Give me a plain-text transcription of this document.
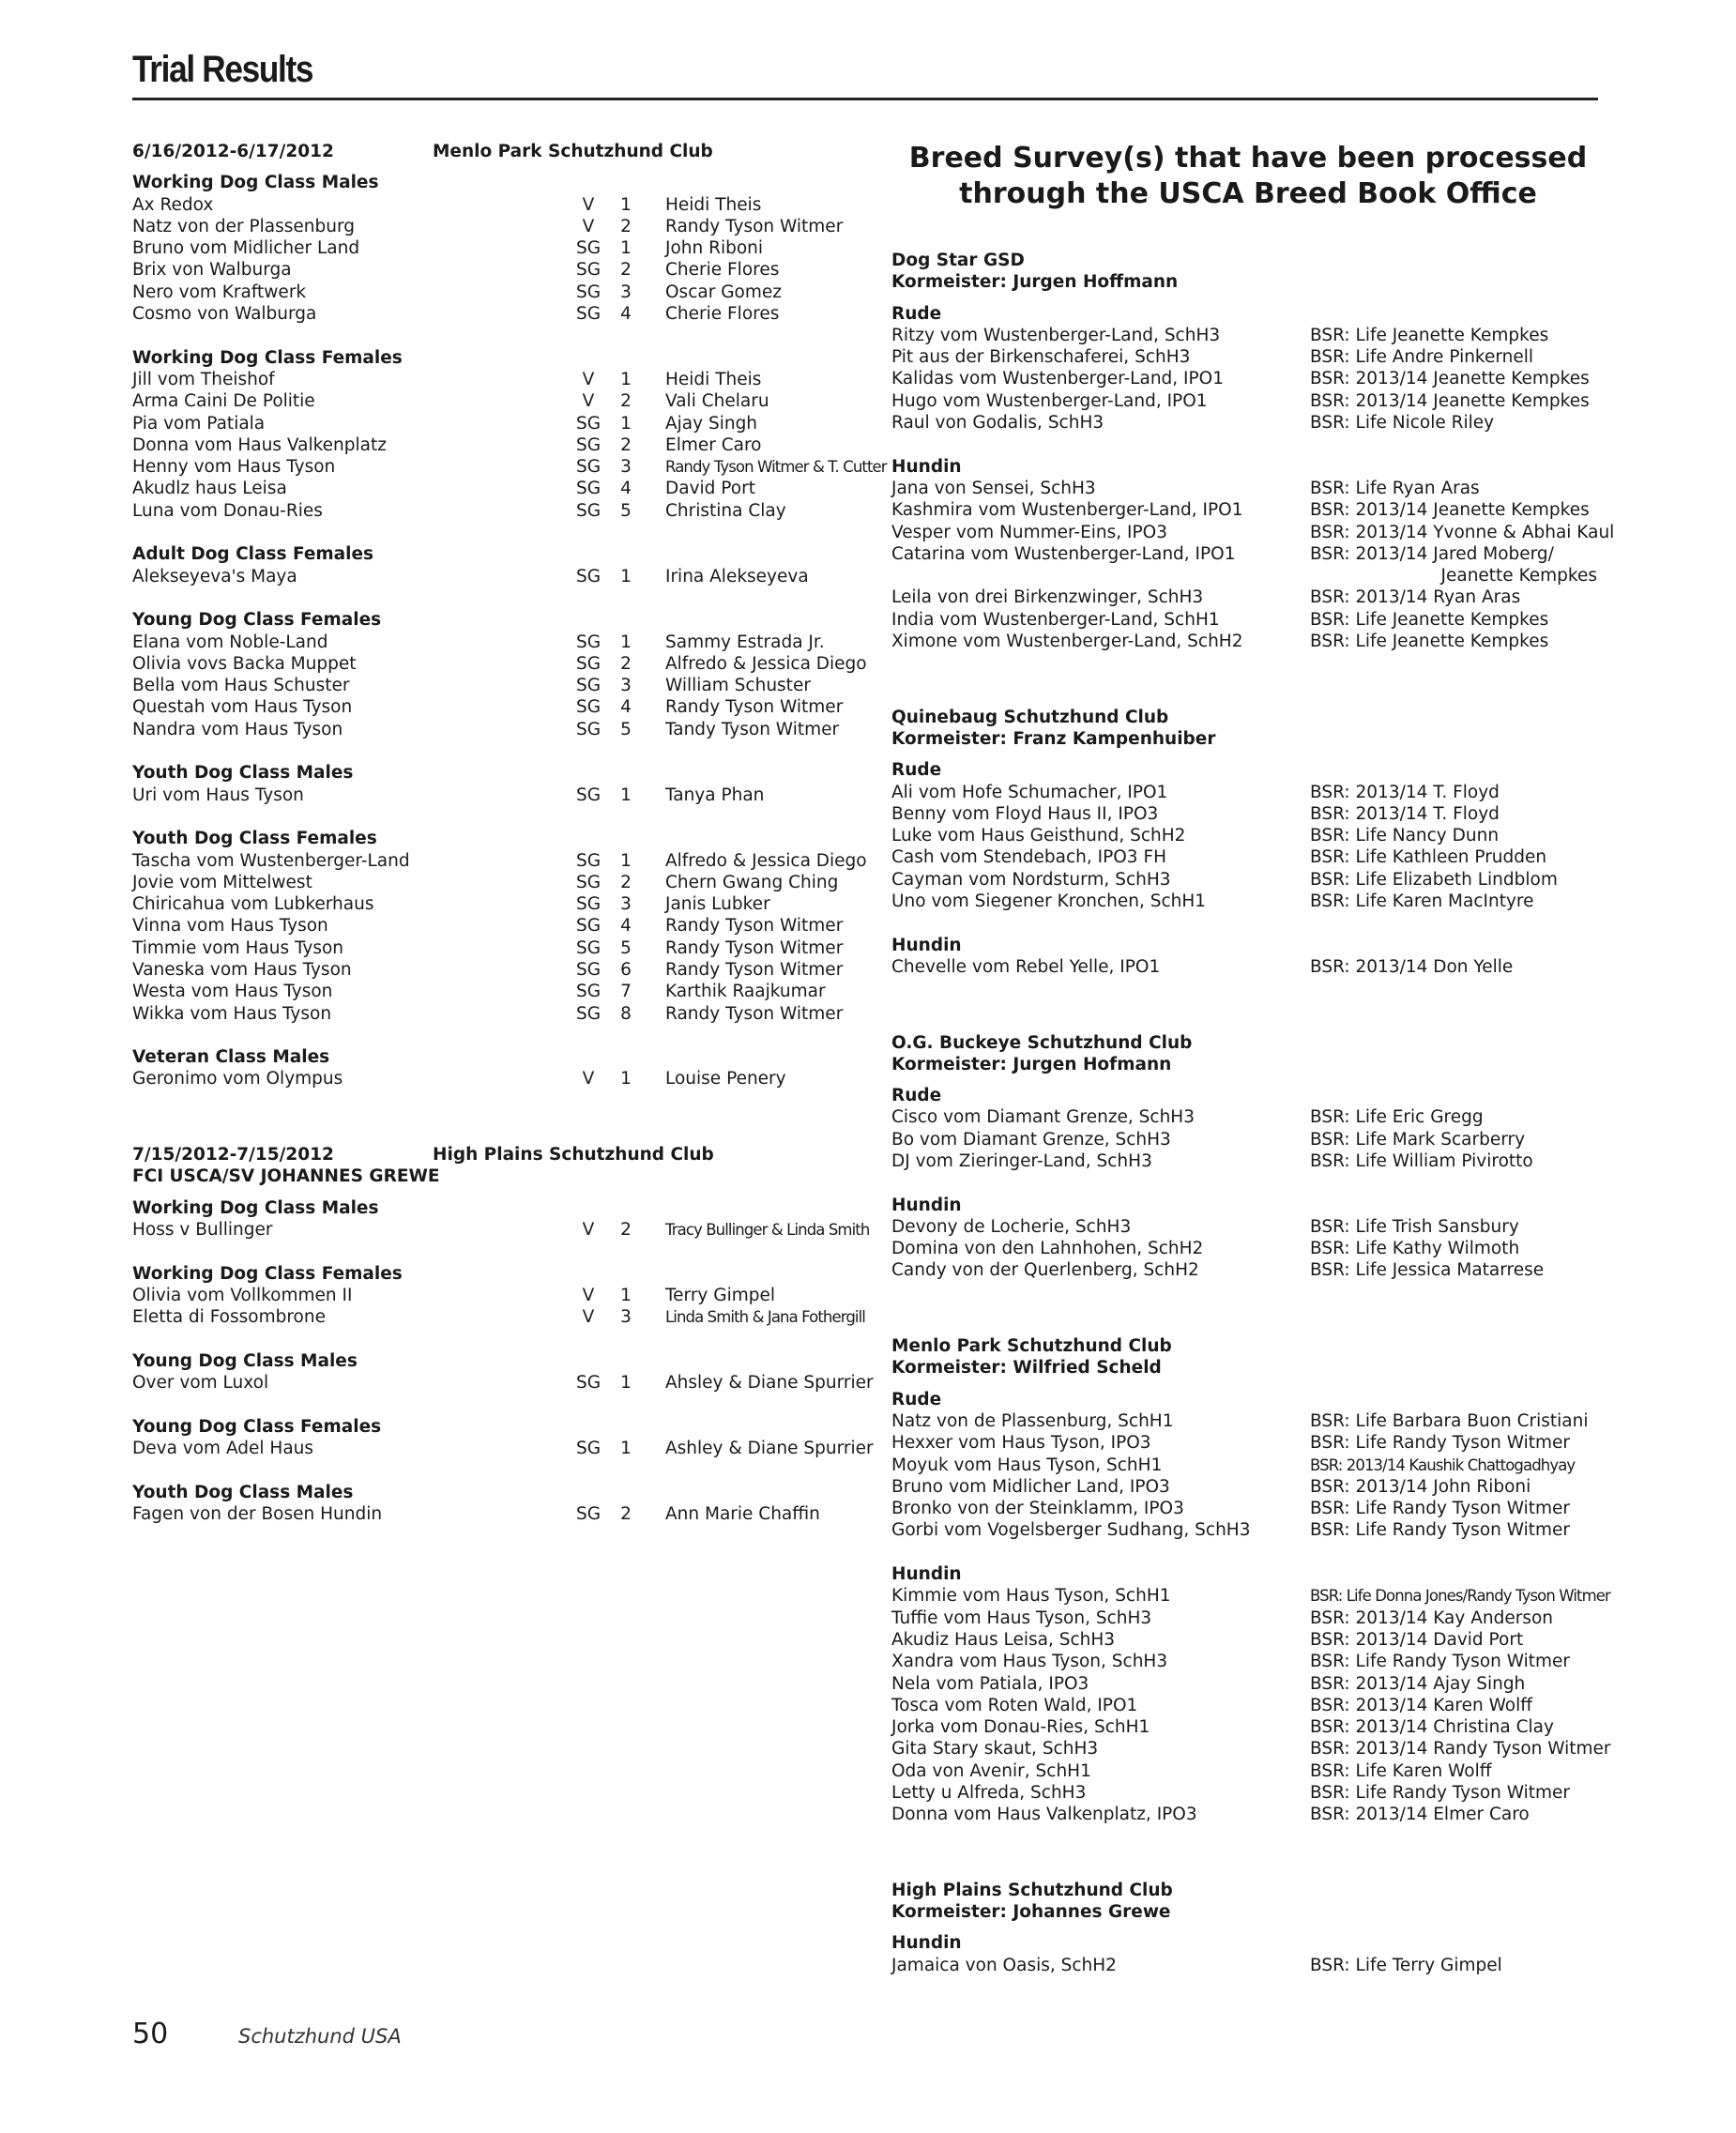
Trial Results
6/16/2012-6/17/2012	Menlo Park Schutzhund Club
Working Dog Class Males
Ax Redox	V	1 Heidi Theis
Natz von der Plassenburg	V	2 Randy Tyson Witmer
Bruno vom Midlicher Land	SG 1 John Riboni
Brix von Walburga	SG 2 Cherie Flores
Nero vom Kraftwerk	SG 3 Oscar Gomez
Cosmo von Walburga	SG 4 Cherie Flores
Working Dog Class Females
Jill vom Theishof	V	1 Heidi Theis
Arma Caini De Politie	V	2 Vali Chelaru
Pia vom Patiala	SG 1 Ajay Singh
Donna vom Haus Valkenplatz	SG 2 Elmer Caro
Henny vom Haus Tyson	SG 3 Randy Tyson Witmer & T. Cutter
Akudlz haus Leisa	SG 4 David Port
Luna vom Donau-Ries	SG 5 Christina Clay
Adult Dog Class Females
Alekseyeva's Maya	SG 1 Irina Alekseyeva
Young Dog Class Females
Elana vom Noble-Land	SG 1 Sammy Estrada Jr.
Olivia vovs Backa Muppet	SG 2 Alfredo & Jessica Diego
Bella vom Haus Schuster	SG 3 William Schuster
Questah vom Haus Tyson	SG 4 Randy Tyson Witmer
Nandra vom Haus Tyson	SG 5 Tandy Tyson Witmer
Youth Dog Class Males
Uri vom Haus Tyson	SG 1 Tanya Phan
Youth Dog Class Females
Tascha vom Wustenberger-Land	SG 1 Alfredo & Jessica Diego
Jovie vom Mittelwest	SG 2 Chern Gwang Ching
Chiricahua vom Lubkerhaus	SG 3 Janis Lubker
Vinna vom Haus Tyson	SG 4 Randy Tyson Witmer
Timmie vom Haus Tyson	SG 5 Randy Tyson Witmer
Vaneska vom Haus Tyson	SG 6 Randy Tyson Witmer
Westa vom Haus Tyson	SG 7 Karthik Raajkumar
Wikka vom Haus Tyson	SG 8 Randy Tyson Witmer
Veteran Class Males
Geronimo vom Olympus	V	1 Louise Penery
7/15/2012-7/15/2012	High Plains Schutzhund Club
FCI USCA/SV JOHANNES GREWE
Working Dog Class Males
Hoss v Bullinger	V	2 Tracy Bullinger & Linda Smith
Working Dog Class Females
Olivia vom Vollkommen II	V	1 Terry Gimpel
Eletta di Fossombrone	V	3 Linda Smith & Jana Fothergill
Young Dog Class Males
Over vom Luxol	SG 1 Ahsley & Diane Spurrier
Young Dog Class Females
Deva vom Adel Haus	SG 1 Ashley & Diane Spurrier
Youth Dog Class Males
Fagen von der Bosen Hundin	SG 2 Ann Marie Chaffin
Breed Survey(s) that have been processed
through the USCA Breed Book Office
Dog Star GSD
Kormeister: Jurgen Hoffmann
Rude
Ritzy vom Wustenberger-Land, SchH3	BSR: Life Jeanette Kempkes
Pit aus der Birkenschaferei, SchH3	BSR: Life Andre Pinkernell
Kalidas vom Wustenberger-Land, IPO1	BSR: 2013/14 Jeanette Kempkes
Hugo vom Wustenberger-Land, IPO1	BSR: 2013/14 Jeanette Kempkes
Raul von Godalis, SchH3	BSR: Life Nicole Riley
Hundin
Jana von Sensei, SchH3	BSR: Life Ryan Aras
Kashmira vom Wustenberger-Land, IPO1	BSR: 2013/14 Jeanette Kempkes
Vesper vom Nummer-Eins, IPO3	BSR: 2013/14 Yvonne & Abhai Kaul
Catarina vom Wustenberger-Land, IPO1	BSR: 2013/14 Jared Moberg/
Jeanette Kempkes
Leila von drei Birkenzwinger, SchH3	BSR: 2013/14 Ryan Aras
India vom Wustenberger-Land, SchH1	BSR: Life Jeanette Kempkes
Ximone vom Wustenberger-Land, SchH2	BSR: Life Jeanette Kempkes
Quinebaug Schutzhund Club
Kormeister: Franz Kampenhuiber
Rude
Ali vom Hofe Schumacher, IPO1	BSR: 2013/14 T. Floyd
Benny vom Floyd Haus II, IPO3	BSR: 2013/14 T. Floyd
Luke vom Haus Geisthund, SchH2	BSR: Life Nancy Dunn
Cash vom Stendebach, IPO3 FH	BSR: Life Kathleen Prudden
Cayman vom Nordsturm, SchH3	BSR: Life Elizabeth Lindblom
Uno vom Siegener Kronchen, SchH1	BSR: Life Karen MacIntyre
Hundin
Chevelle vom Rebel Yelle, IPO1	BSR: 2013/14 Don Yelle
O.G. Buckeye Schutzhund Club
Kormeister: Jurgen Hofmann
Rude
Cisco vom Diamant Grenze, SchH3	BSR: Life Eric Gregg
Bo vom Diamant Grenze, SchH3	BSR: Life Mark Scarberry
DJ vom Zieringer-Land, SchH3	BSR: Life William Pivirotto
Hundin
Devony de Locherie, SchH3	BSR: Life Trish Sansbury
Domina von den Lahnhohen, SchH2	BSR: Life Kathy Wilmoth
Candy von der Querlenberg, SchH2	BSR: Life Jessica Matarrese
Menlo Park Schutzhund Club
Kormeister: Wilfried Scheld
Rude
Natz von de Plassenburg, SchH1	BSR: Life Barbara Buon Cristiani
Hexxer vom Haus Tyson, IPO3	BSR: Life Randy Tyson Witmer
Moyuk vom Haus Tyson, SchH1	BSR: 2013/14 Kaushik Chattogadhyay
Bruno vom Midlicher Land, IPO3	BSR: 2013/14 John Riboni
Bronko von der Steinklamm, IPO3	BSR: Life Randy Tyson Witmer
Gorbi vom Vogelsberger Sudhang, SchH3	BSR: Life Randy Tyson Witmer
Hundin
Kimmie vom Haus Tyson, SchH1	BSR: Life Donna Jones/Randy Tyson Witmer
Tuffie vom Haus Tyson, SchH3	BSR: 2013/14 Kay Anderson
Akudiz Haus Leisa, SchH3	BSR: 2013/14 David Port
Xandra vom Haus Tyson, SchH3	BSR: Life Randy Tyson Witmer
Nela vom Patiala, IPO3	BSR: 2013/14 Ajay Singh
Tosca vom Roten Wald, IPO1	BSR: 2013/14 Karen Wolff
Jorka vom Donau-Ries, SchH1	BSR: 2013/14 Christina Clay
Gita Stary skaut, SchH3	BSR: 2013/14 Randy Tyson Witmer
Oda von Avenir, SchH1	BSR: Life Karen Wolff
Letty u Alfreda, SchH3	BSR: Life Randy Tyson Witmer
Donna vom Haus Valkenplatz, IPO3	BSR: 2013/14 Elmer Caro
High Plains Schutzhund Club
Kormeister: Johannes Grewe
Hundin
Jamaica von Oasis, SchH2	BSR: Life Terry Gimpel
50	Schutzhund USA
